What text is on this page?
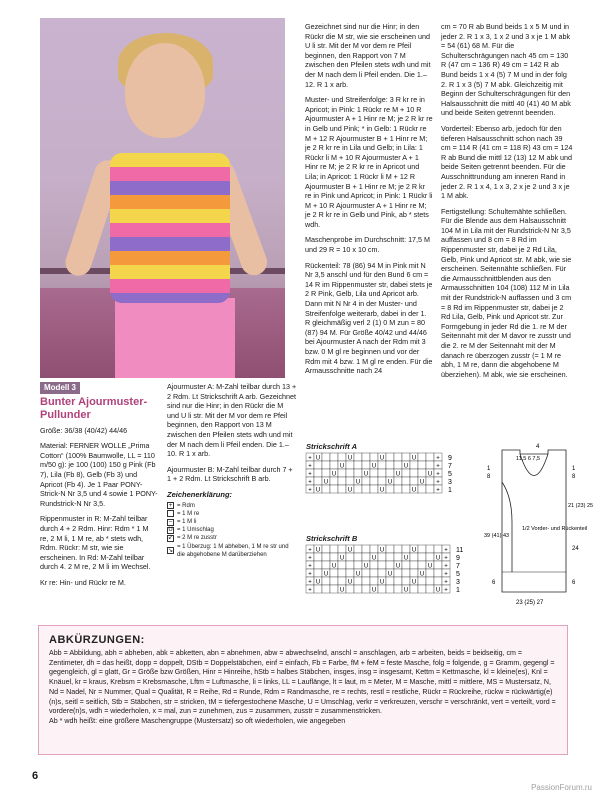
Modell 3
Bunter Ajourmuster-Pullunder

Größe: 36/38 (40/42) 44/46

Material: FERNER WOLLE „Prima Cotton“ (100% Baumwolle, LL = 110 m/50 g): je 100 (100) 150 g Pink (Fb 7), Lila (Fb 8), Gelb (Fb 3) und Apricot (Fb 4). Je 1 Paar PONY-Strick-N Nr 3,5 und 4 sowie 1 PONY-Rundstrick-N Nr 3,5.

Rippenmuster in R: M-Zahl teilbar durch 4 + 2 Rdm. Hinr: Rdm * 1 M re, 2 M li, 1 M re, ab * stets wdh, Rdm. Rückr: M str, wie sie erscheinen. In Rd: M-Zahl teilbar durch 4. 2 M re, 2 M li im Wechsel.

Kr re: Hin- und Rückr re M.

Ajourmuster A: M-Zahl teilbar durch 13 + 2 Rdm. Lt Strickschrift A arb. Gezeichnet sind nur die Hinr; in den Rückr die M und U li str. Mit der M vor dem re Pfeil beginnen, den Rapport von 13 M zwischen den Pfeilen stets wdh und mit der M nach dem li Pfeil enden. Die 1.–10. R 1 x arb.

Ajourmuster B: M-Zahl teilbar durch 7 + 1 + 2 Rdm. Lt Strickschrift B arb.

Zeichenerklärung:
+ = Rdm
= 1 M re
– = 1 M li
U = 1 Umschlag
↙ = 2 M re zusstr
↘
= 1 Überzug: 1 M abheben, 1 M re str und die abgehobene M darüberziehen

Gezeichnet sind nur die Hinr; in den Rückr die M str, wie sie erscheinen und U li str. Mit der M vor dem re Pfeil beginnen, den Rapport von 7 M zwischen den Pfeilen stets wdh und mit der M nach dem li Pfeil enden. Die 1.–12. R 1 x arb.

Muster- und Streifenfolge: 3 R kr re in Apricot; in Pink: 1 Rückr re M + 10 R Ajourmuster A + 1 Hinr re M; je 2 R kr re in Gelb und Pink; * in Gelb: 1 Rückr re M + 12 R Ajourmuster B + 1 Hinr re M; je 2 R kr re in Lila und Gelb; in Lila: 1 Rückr li M + 10 R Ajourmuster A + 1 Hinr re M; je 2 R kr re in Apricot und Lila; in Apricot: 1 Rückr li M + 12 R Ajourmuster B + 1 Hinr re M; je 2 R kr re in Pink und Apricot; in Pink: 1 Rückr li M + 10 R Ajourmuster A + 1 Hinr re M; je 2 R kr re in Gelb und Pink, ab * stets wdh.

Maschenprobe im Durchschnitt: 17,5 M und 29 R = 10 x 10 cm.

Rückenteil: 78 (86) 94 M in Pink mit N Nr 3,5 anschl und für den Bund 6 cm = 14 R im Rippenmuster str, dabei stets je 2 R Pink, Gelb, Lila und Apricot arb. Dann mit N Nr 4 in der Muster- und Streifenfolge weiterarb, dabei in der 1. R gleichmäßig verl 2 (1) 0 M zun = 80 (87) 94 M. Für Größe 40/42 und 44/46 bei Ajourmuster A nach der Rdm mit 3 bzw. 0 M gl re beginnen und vor der Rdm mit 4 bzw. 1 M gl re enden. Für die Armausschnitte nach 24

cm = 70 R ab Bund beids 1 x 5 M und in jeder 2. R 1 x 3, 1 x 2 und 3 x je 1 M abk = 54 (61) 68 M. Für die Schulterschrägungen nach 45 cm = 130 R (47 cm = 136 R) 49 cm = 142 R ab Bund beids 1 x 4 (5) 7 M und in der folg 2. R 1 x 3 (5) 7 M abk. Gleichzeitig mit Beginn der Schulterschrägungen für den Halsausschnitt die mittl 40 (41) 40 M abk und beide Seiten getrennt beenden.

Vorderteil: Ebenso arb, jedoch für den tieferen Halsausschnitt schon nach 39 cm = 114 R (41 cm = 118 R) 43 cm = 124 R ab Bund die mittl 12 (13) 12 M abk und beide Seiten getrennt beenden. Für die Ausschnittrundung am inneren Rand in jeder 2. R 1 x 4, 1 x 3, 2 x je 2 und 3 x je 1 M abk.

Fertigstellung: Schultemähte schließen. Für die Blende aus dem Halsausschnitt 104 M in Lila mit der Rundstrick-N Nr 3,5 auffassen und 8 cm = 8 Rd im Rippenmuster str, dabei je 2 Rd Lila, Gelb, Pink und Apricot str. M abk, wie sie erscheinen. Seitennähte schließen. Für die Armausschnittblenden aus den Armausschnitten 104 (108) 112 M in Lila mit der Rundstrick-N auffassen und 3 cm = 8 Rd im Rippenmuster str, dabei je 2 Rd Lila, Gelb, Pink und Apricot str. Zur Formgebung in jeder Rd die 1. re M der Seitennaht mit der M davor re zusstr und die 2. re M der Seitennaht mit der M danach re überzogen zusstr (= 1 M re abh, 1 M re, dann die abgehobene M überziehen). M abk, wie sie erscheinen.

Strickschrift A
+ U	U	U	U	+ 9
+	U	U	U	+ 7
+	U	U	U	U + 5
+ U	U	U	U + 3
+ U	U	U	U	+ 1
Strickschrift B
+ U	U	U	U	+ 11
+	U	U	U	U + 9
+	U	U	U	U + 7
+ U	U	U	U	+ 5
+ U	U	U	U	+ 3
+	U	U	U	U + 1
1
8
1
8
11,5 6 7,5
4
39 (41) 43
21 (23) 25
24
1/2 Vorder- und Rückenteil
6	6
23 (25) 27
ABKÜRZUNGEN:
Abb = Abbildung, abh = abheben, abk = abketten, abn = abnehmen, abw = abwechselnd, anschl = anschlagen, arb = arbeiten, beids = beidseitig, cm = Zentimeter, dh = das heißt, dopp = doppelt, DStb = Doppelstäbchen, einf = einfach, Fb = Farbe, fM + feM = feste Masche, folg = folgende, g = Gramm, gegengl = gegengleich, gl = glatt, Gr = Größe bzw Größen, Hinr = Hinreihe, hStb = halbes Stäbchen, insges, insg = insgesamt, Kettm = Kettmasche, kl = kleine(es), Knl = Knäuel, kr = kraus, Krebsm = Krebsmasche, Lftm = Luftmasche, li = links, LL = Lauflänge, lt = laut, m = Meter, M = Masche, mittl = mittlere, MS = Mustersatz, N, Nd = Nadel, Nr = Nummer, Qual = Qualität, R = Reihe, Rd = Runde, Rdm = Randmasche, re = rechts, restl = restliche, Rückr = Rückreihe, rückw = rückwärtig(e)(n)s, seitl = seitlich, Stb = Stäbchen, str = stricken, tM = tiefergestochene Masche, U = Umschlag, verkr = verkreuzen, verschr = verschränkt, vert = verteilt, vord = vordere(n)s, wdh = wiederholen, x = mal, zun = zunehmen, zus = zusammen, zusstr = zusammenstricken.
Ab * wdh heißt: eine größere Maschengruppe (Mustersatz) so oft wiederholen, wie angegeben
6
PassionForum.ru
